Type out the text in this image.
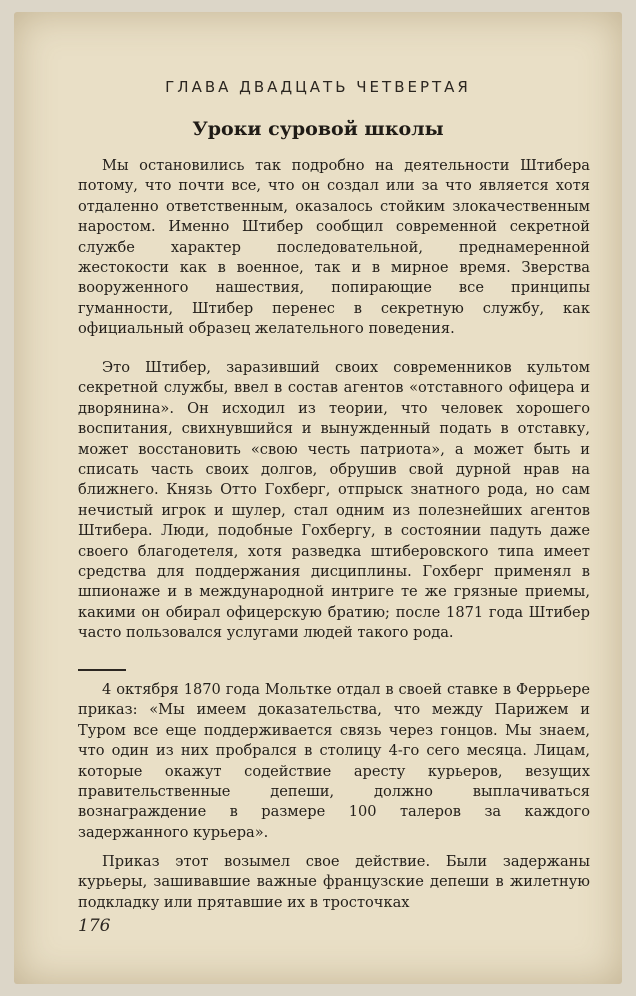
ГЛАВА ДВАДЦАТЬ ЧЕТВЕРТАЯ
Уроки суровой школы

Мы остановились так подробно на деятельности Штибера потому, что почти все, что он создал или за что является хотя отдаленно ответственным, оказалось стойким злокачественным наростом. Именно Штибер сообщил современной секретной службе характер последовательной, преднамеренной жестокости как в военное, так и в мирное время. Зверства вооруженного нашествия, попирающие все принципы гуманности, Штибер перенес в секретную службу, как официальный образец желательного поведения.

Это Штибер, заразивший своих современников культом секретной службы, ввел в состав агентов «отставного офицера и дворянина». Он исходил из теории, что человек хорошего воспитания, свихнувшийся и вынужденный подать в отставку, может восстановить «свою честь патриота», а может быть и списать часть своих долгов, обрушив свой дурной нрав на ближнего. Князь Отто Гохберг, отпрыск знатного рода, но сам нечистый игрок и шулер, стал одним из полезнейших агентов Штибера. Люди, подобные Гохбергу, в состоянии падуть даже своего благодетеля, хотя разведка штиберовского типа имеет средства для поддержания дисциплины. Гохберг применял в шпионаже и в международной интриге те же грязные приемы, какими он обирал офицерскую братию; после 1871 года Штибер часто пользовался услугами людей такого рода.

4 октября 1870 года Мольтке отдал в своей ставке в Феррьере приказ: «Мы имеем доказательства, что между Парижем и Туром все еще поддерживается связь через гонцов. Мы знаем, что один из них пробрался в столицу 4-го сего месяца. Лицам, которые окажут содействие аресту курьеров, везущих правительственные депеши, должно выплачиваться вознаграждение в размере 100 талеров за каждого задержанного курьера».

Приказ этот возымел свое действие. Были задержаны курьеры, зашивавшие важные французские депеши в жилетную подкладку или прятавшие их в тросточках

176
